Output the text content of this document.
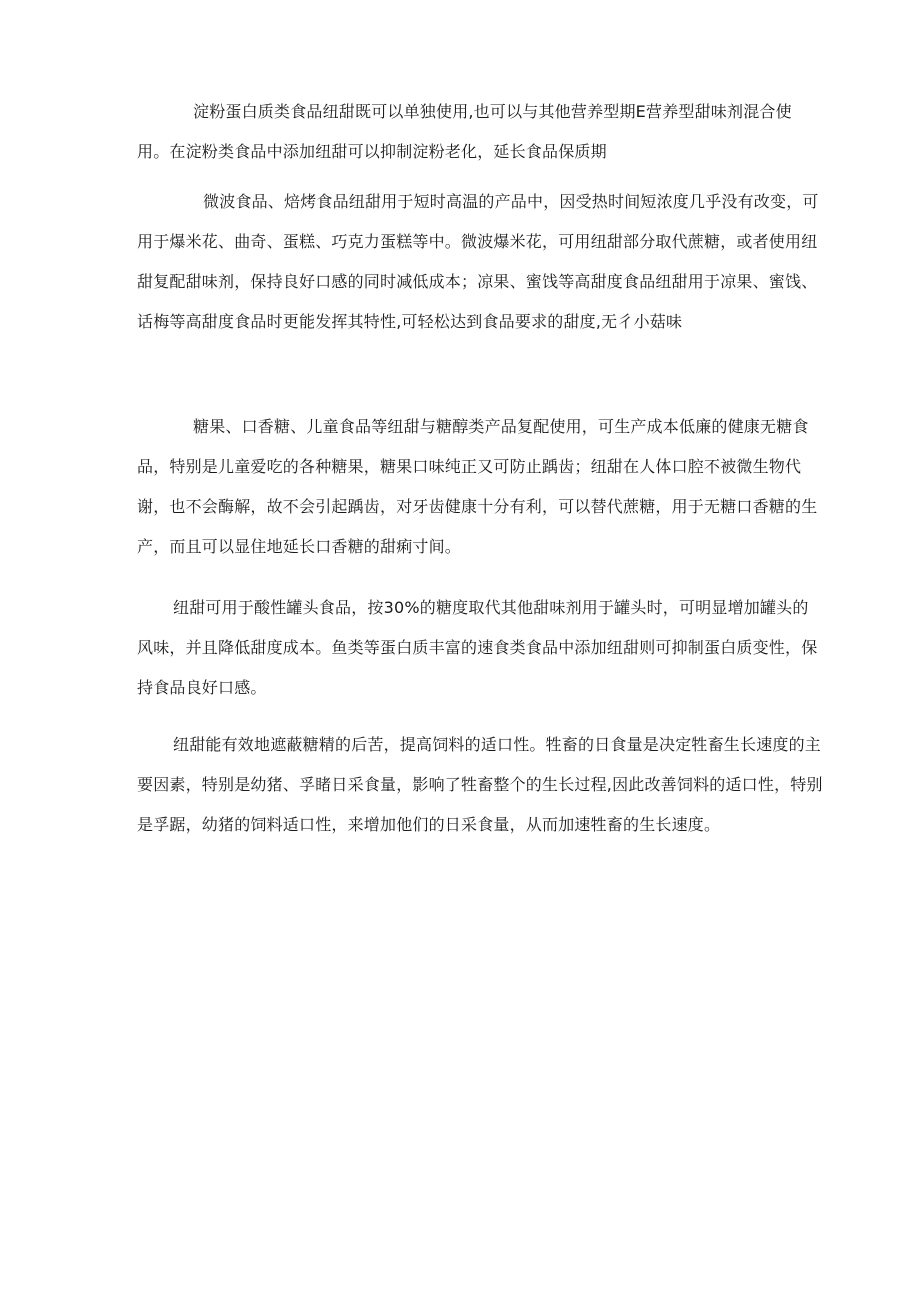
淀粉蛋白质类食品纽甜既可以单独使用,也可以与其他营养型期E营养型甜味剂混合使用。在淀粉类食品中添加纽甜可以抑制淀粉老化，延长食品保质期

微波食品、焙烤食品纽甜用于短时高温的产品中，因受热时间短浓度几乎没有改变，可用于爆米花、曲奇、蛋糕、巧克力蛋糕等中。微波爆米花，可用纽甜部分取代蔗糖，或者使用纽甜复配甜味剂，保持良好口感的同时减低成本；凉果、蜜饯等高甜度食品纽甜用于凉果、蜜饯、话梅等高甜度食品时更能发挥其特性,可轻松达到食品要求的甜度,无彳小菇味

糖果、口香糖、儿童食品等纽甜与糖醇类产品复配使用，可生产成本低廉的健康无糖食品，特别是儿童爱吃的各种糖果，糖果口味纯正又可防止踽齿；纽甜在人体口腔不被微生物代谢，也不会酶解，故不会引起踽齿，对牙齿健康十分有利，可以替代蔗糖，用于无糖口香糖的生产，而且可以显住地延长口香糖的甜痢寸间。

纽甜可用于酸性罐头食品，按30%的糖度取代其他甜味剂用于罐头时，可明显增加罐头的风味，并且降低甜度成本。鱼类等蛋白质丰富的速食类食品中添加纽甜则可抑制蛋白质变性，保持食品良好口感。

纽甜能有效地遮蔽糖精的后苦，提高饲料的适口性。牲畜的日食量是决定牲畜生长速度的主要因素，特别是幼猪、孚睹日采食量，影响了牲畜整个的生长过程,因此改善饲料的适口性，特别是孚踞，幼猪的饲料适口性，来增加他们的日采食量，从而加速牲畜的生长速度。
